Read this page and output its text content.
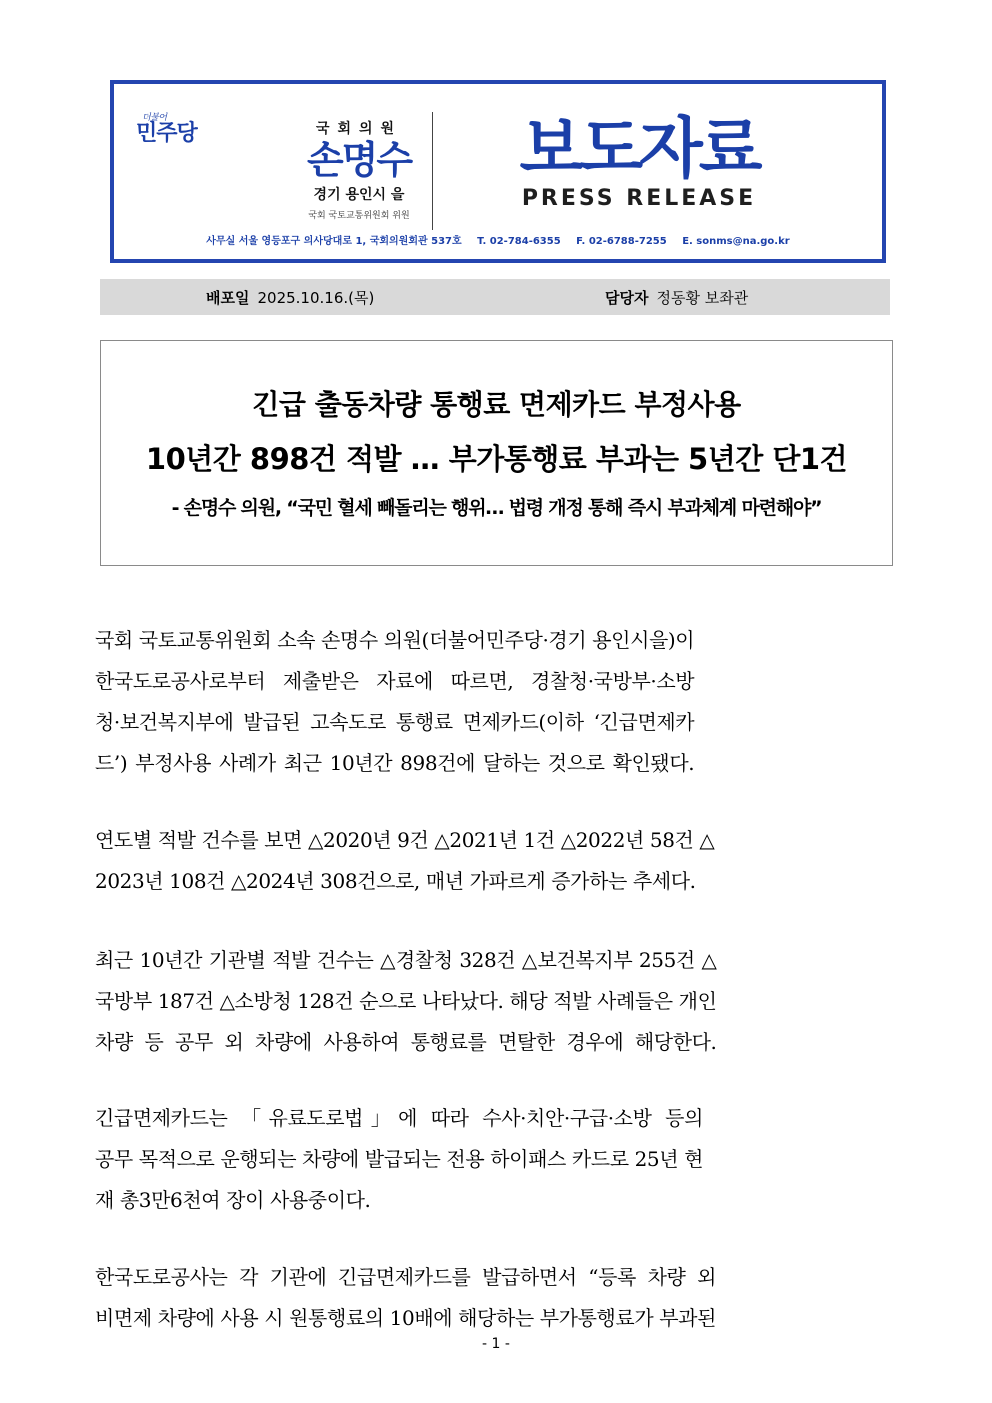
더불어
민주당	국회의원
손명수
경기 용인시 을
국회 국토교통위원회 위원
보도자료
PRESS RELEASE
사무실 서울 영등포구 의사당대로 1, 국회의원회관 537호 T. 02-784-6355 F. 02-6788-7255 E. sonms@na.go.kr
배포일 2025.10.16.(목)	담당자 정동황 보좌관
긴급 출동차량 통행료 면제카드 부정사용
10년간 898건 적발 … 부가통행료 부과는 5년간 단1건
- 손명수 의원, “국민 혈세 빼돌리는 행위… 법령 개정 통해 즉시 부과체계 마련해야”
국회 국토교통위원회 소속 손명수 의원(더불어민주당·경기 용인시을)이
한국도로공사로부터 제출받은 자료에 따르면, 경찰청·국방부·소방
청·보건복지부에 발급된 고속도로 통행료 면제카드(이하 ‘긴급면제카
드’) 부정사용 사례가 최근 10년간 898건에 달하는 것으로 확인됐다.
연도별 적발 건수를 보면 △2020년 9건 △2021년 1건 △2022년 58건 △
2023년 108건 △2024년 308건으로, 매년 가파르게 증가하는 추세다.
최근 10년간 기관별 적발 건수는 △경찰청 328건 △보건복지부 255건 △
국방부 187건 △소방청 128건 순으로 나타났다. 해당 적발 사례들은 개인
차량 등 공무 외 차량에 사용하여 통행료를 면탈한 경우에 해당한다.
긴급면제카드는 「유료도로법」에 따라 수사·치안·구급·소방 등의
공무 목적으로 운행되는 차량에 발급되는 전용 하이패스 카드로 25년 현
재 총3만6천여 장이 사용중이다.
한국도로공사는 각 기관에 긴급면제카드를 발급하면서 “등록 차량 외
비면제 차량에 사용 시 원통행료의 10배에 해당하는 부가통행료가 부과된
- 1 -
